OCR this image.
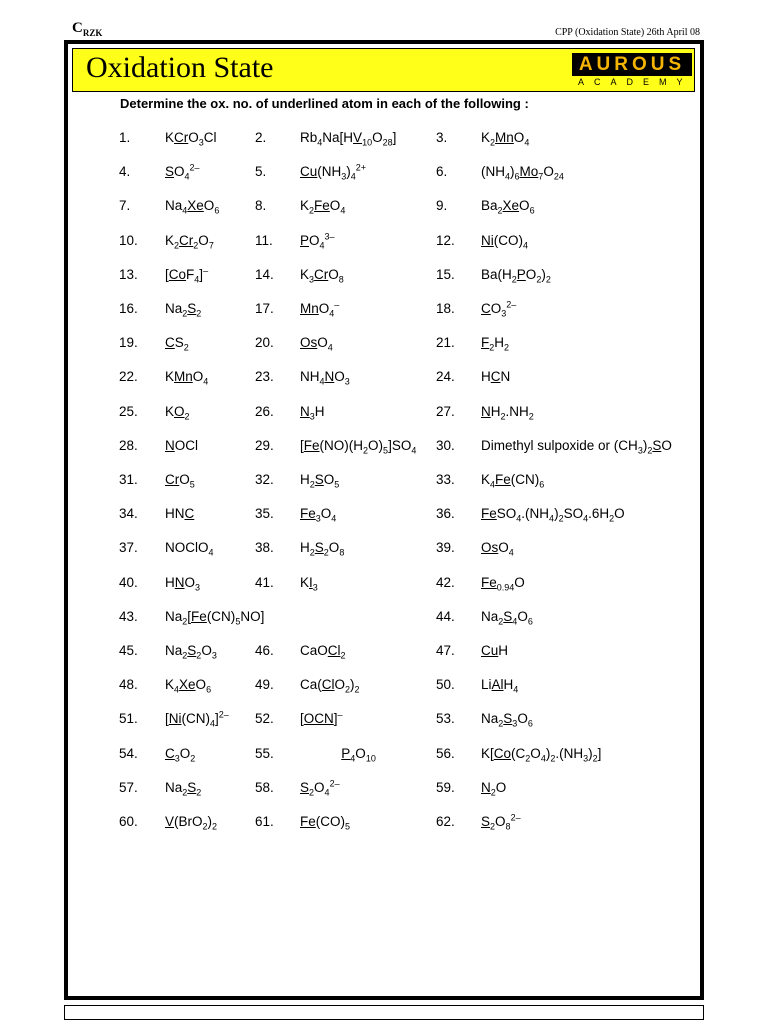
$C_{RZK}$	CPP (Oxidation State) 26th April 08
Oxidation State	AUROUS
ACADEMY
Determine the ox. no. of underlined atom in each of the following :
1.	KCrO$_3$Cl	2. $Rb_4Na[HV_{10}O_{28}]$	3. $K_2MnO_4$
4.	$SO_4^{2-}$	5. $Cu(NH_3)_4^{2+}$	6. $(NH_4)_6Mo_7O_{24}$
7.	$Na_4XeO_6$	8. $K_2FeO_4$	9. $Ba_2XeO_6$
10. $K_2Cr_2O_7$	11. $PO_4^{3-}$	12. $Ni(CO)_4$
13. [CoF$_4$]–	14. $K_3CrO_8$	15. $Ba(H_2PO_2)_2$
16. $Na_2S_2$	17. MnO$_4$–	18. $CO_3^{2-}$
19. $CS_2$	20. OsO$_4$	21. $F_2H_2$
22. KMnO$_4$	23. $NH_4NO_3$	24. HCN
25. $KO_2$	26. $N_3H$	27. $NH_2.NH_2$
28. NOCl	29. $[Fe(NO)(H_2O)_5]SO_4$ 30. Dimethyl sulpoxide or $(CH_3)_2SO$
31. CrO$_5$	32. $H_2SO_5$	33. $K_4Fe(CN)_6$
34. HNC	35. $Fe_3O_4$	36. $FeSO_4.(NH_4)_2SO_4.6H_2O$
37. NOClO$_4$	38. $H_2S_2O_8$	39. OsO$_4$
40. $HNO_3$	41. $KI_3$	42. $Fe_{0.94}O$
43. $Na_2[Fe(CN)_5NO]$	44. $Na_2S_4O_6$
45. $Na_2S_2O_3$	46. CaOCl$_2$	47. CuH
48. $K_4XeO_6$	49. $Ca(ClO_2)_2$	50. LiAlH$_4$
51. $[Ni(CN)_4]^{2-}$ 52. [OCN]–	53. $Na_2S_3O_6$
54. $C_3O_2$	55.	$P_4O_{10}$	56. $K[Co(C_2O_4)_2.(NH_3)_2]$
57. $Na_2S_2$	58. $S_2O_4^{2-}$	59. $N_2O$
60. $V(BrO_2)_2$	61. $Fe(CO)_5$	62. $S_2O_8^{2-}$
